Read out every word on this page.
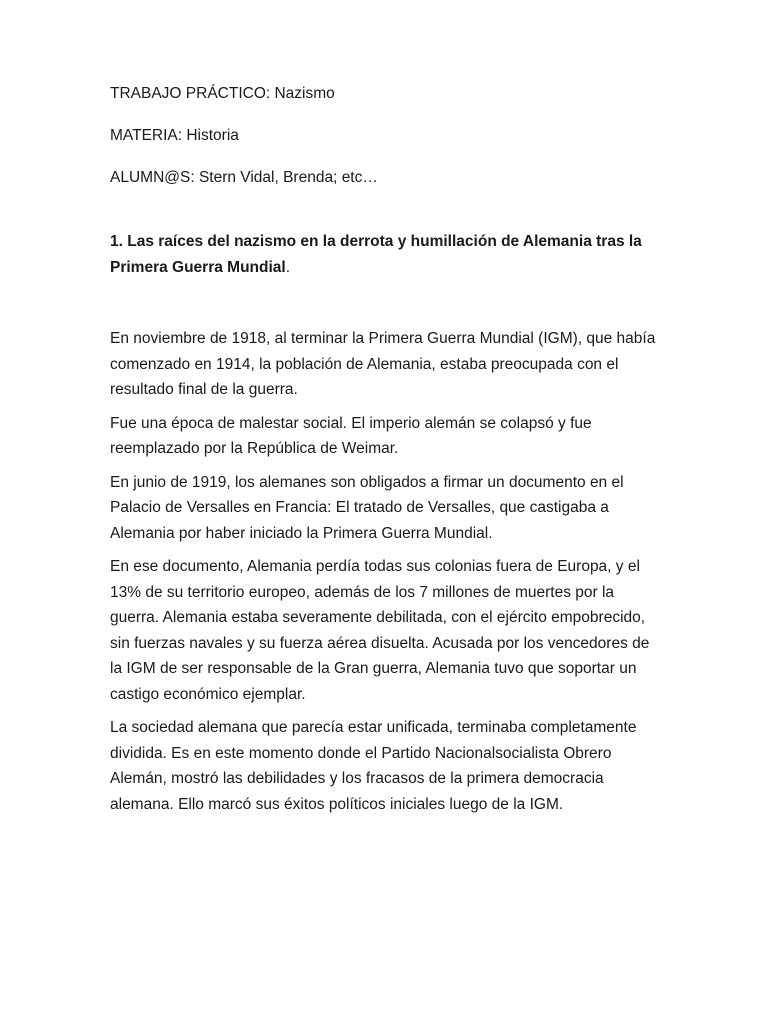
TRABAJO PRÁCTICO: Nazismo

MATERIA: Historia

ALUMN@S: Stern Vidal, Brenda; etc…

1. Las raíces del nazismo en la derrota y humillación de Alemania tras la
Primera Guerra Mundial.
En noviembre de 1918, al terminar la Primera Guerra Mundial (IGM), que había
comenzado en 1914, la población de Alemania, estaba preocupada con el
resultado final de la guerra.
Fue una época de malestar social. El imperio alemán se colapsó y fue
reemplazado por la República de Weimar.
En junio de 1919, los alemanes son obligados a firmar un documento en el
Palacio de Versalles en Francia: El tratado de Versalles, que castigaba a
Alemania por haber iniciado la Primera Guerra Mundial.
En ese documento, Alemania perdía todas sus colonias fuera de Europa, y el
13% de su territorio europeo, además de los 7 millones de muertes por la
guerra. Alemania estaba severamente debilitada, con el ejército empobrecido,
sin fuerzas navales y su fuerza aérea disuelta. Acusada por los vencedores de
la IGM de ser responsable de la Gran guerra, Alemania tuvo que soportar un
castigo económico ejemplar.
La sociedad alemana que parecía estar unificada, terminaba completamente
dividida. Es en este momento donde el Partido Nacionalsocialista Obrero
Alemán, mostró las debilidades y los fracasos de la primera democracia
alemana. Ello marcó sus éxitos políticos iniciales luego de la IGM.
